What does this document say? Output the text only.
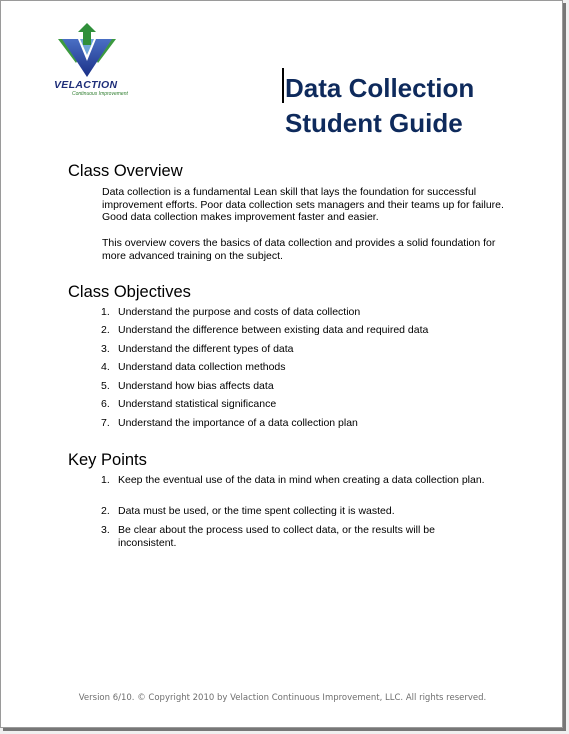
VELACTION
Continuous Improvement	Data Collection
Student Guide
Class Overview
Data collection is a fundamental Lean skill that lays the foundation for successful improvement efforts. Poor data collection sets managers and their teams up for failure. Good data collection makes improvement faster and easier.
This overview covers the basics of data collection and provides a solid foundation for more advanced training on the subject.
Class Objectives
1. Understand the purpose and costs of data collection
2. Understand the difference between existing data and required data
3. Understand the different types of data
4. Understand data collection methods
5. Understand how bias affects data
6. Understand statistical significance
7. Understand the importance of a data collection plan
Key Points
1. Keep the eventual use of the data in mind when creating a data collection plan.
2. Data must be used, or the time spent collecting it is wasted.
3. Be clear about the process used to collect data, or the results will be inconsistent.
Version 6/10. © Copyright 2010 by Velaction Continuous Improvement, LLC. All rights reserved.
